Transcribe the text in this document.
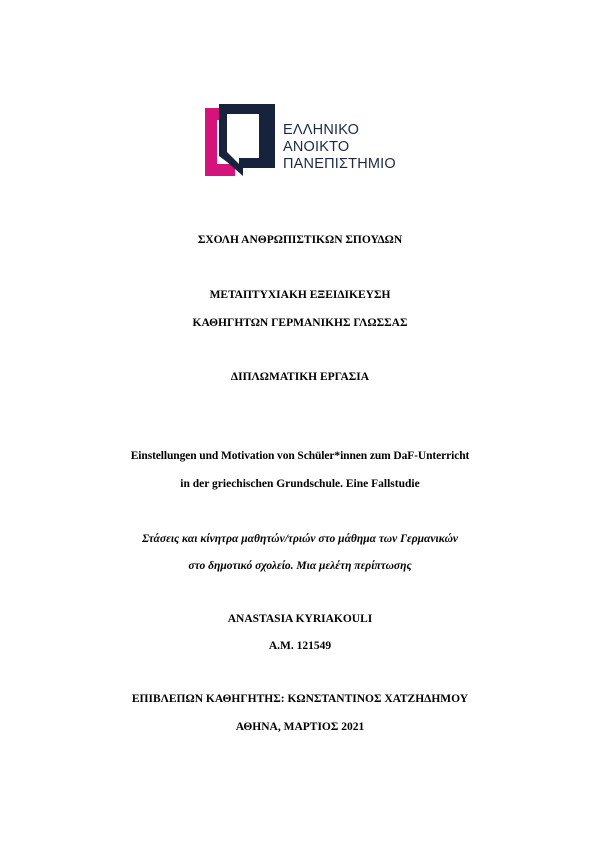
ΕΛΛΗΝΙΚΟ
ΑΝΟΙΚΤΟ
ΠΑΝΕΠΙΣΤΗΜΙΟ
ΣΧΟΛΗ ΑΝΘΡΩΠΙΣΤΙΚΩΝ ΣΠΟΥΔΩΝ
ΜΕΤΑΠΤΥΧΙΑΚΗ ΕΞΕΙΔΙΚΕΥΣΗ
ΚΑΘΗΓΗΤΩΝ ΓΕΡΜΑΝΙΚΗΣ ΓΛΩΣΣΑΣ
ΔΙΠΛΩΜΑΤΙΚΗ ΕΡΓΑΣΙΑ
Einstellungen und Motivation von Schüler*innen zum DaF-Unterricht
in der griechischen Grundschule. Eine Fallstudie
Στάσεις και κίνητρα μαθητών/τριών στο μάθημα των Γερμανικών
στο δημοτικό σχολείο. Μια μελέτη περίπτωσης
ANASTASIA KYRIAKOULI
Α.Μ. 121549
ΕΠΙΒΛΕΠΩΝ ΚΑΘΗΓΗΤΗΣ: ΚΩΝΣΤΑΝΤΙΝΟΣ ΧΑΤΖΗΔΗΜΟΥ
ΑΘΗΝΑ, ΜΑΡΤΙΟΣ 2021
